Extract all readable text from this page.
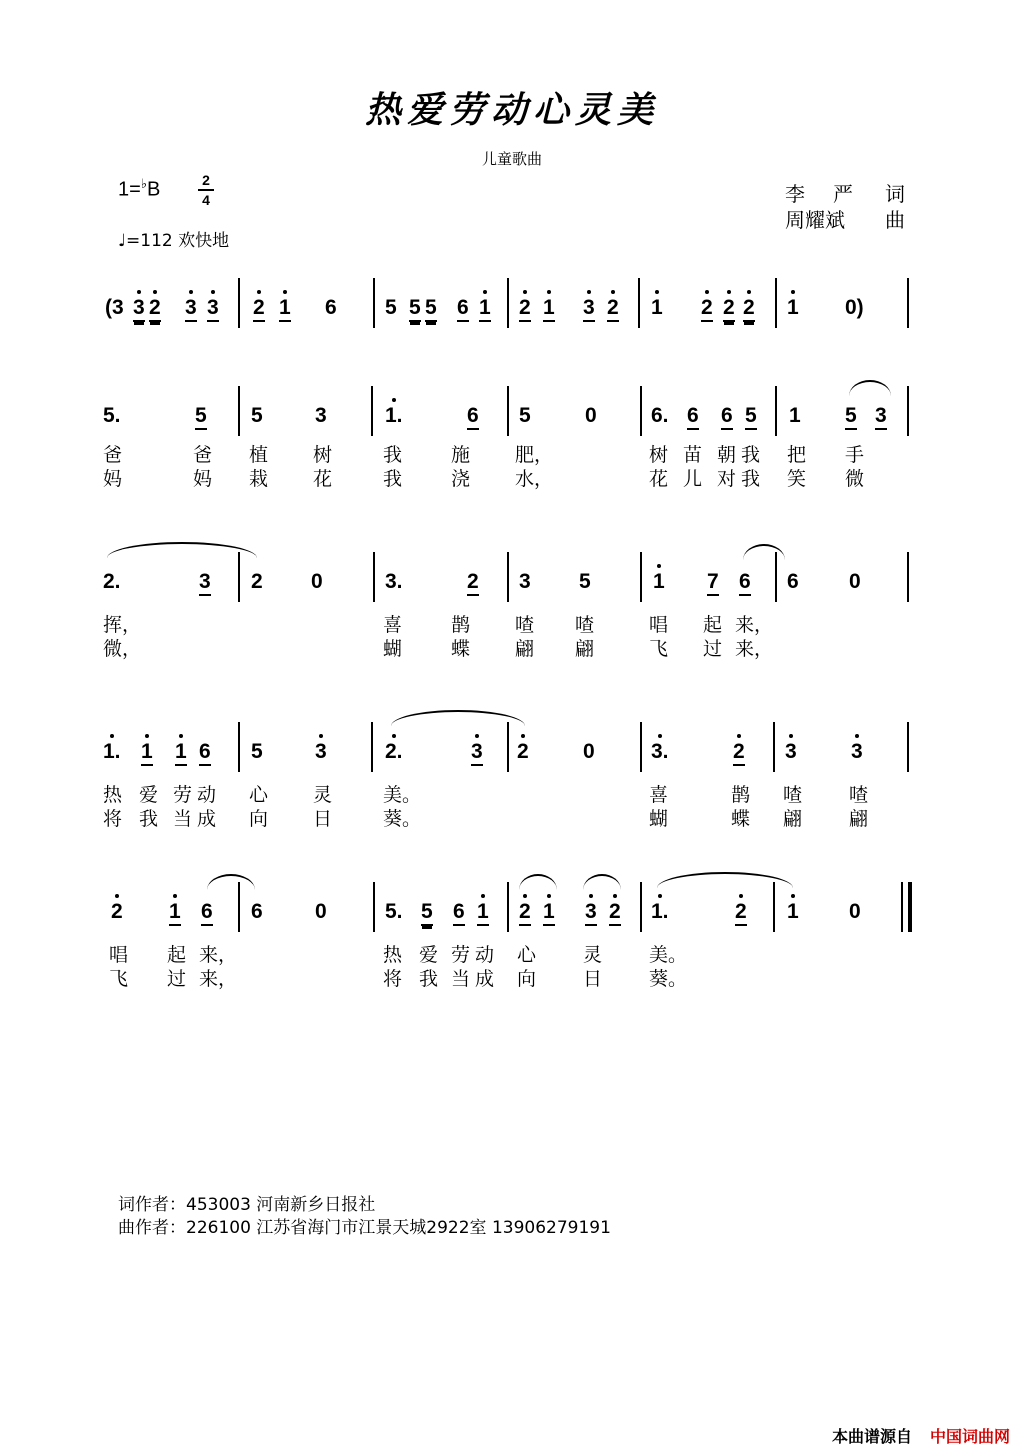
热爱劳动心灵美
儿童歌曲
1=♭B	2
4
♩=112 欢快地
李 严 词
周耀斌 曲
(3 3 2 3 3 2 1 6 5 5 5 6 1 2 1 3 2 1 2 2 2 1 0)
5.	5 5 3	1.	6 5	0	6. 6 6 5 1 5 3
爸	爸 植 树	我	施 肥，	树 苗 朝 我 把 手
妈	妈 栽 花	我	浇 水，	花 儿 对 我 笑 微
2.	3 2 0	3.	2 3 5	1 7 6 6 0
挥，	喜	鹊 喳 喳	唱 起 来，
微，	蝴	蝶 翩 翩	飞 过 来，
1. 1 1 6 5 3	2.	3 2	0	3.	2 3	3
热 爱 劳 动 心 灵	美。	喜	鹊 喳 喳
将 我 当 成 向 日	葵。	蝴	蝶 翩 翩
2 1 6 6 0	5. 5 6 1 2 1 3 2 1.	2 1 0
唱 起 来，	热 爱 劳 动 心 灵 美。
飞 过 来，	将 我 当 成 向 日 葵。
词作者：453003 河南新乡日报社
曲作者：226100 江苏省海门市江景天城2922室 13906279191
本曲谱源自 中国词曲网
